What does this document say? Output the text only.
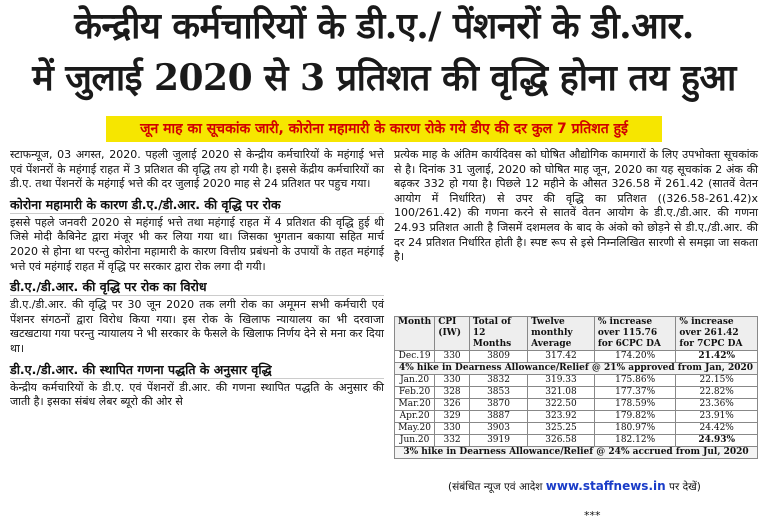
केन्द्रीय कर्मचारियों के डी.ए./ पेंशनरों के डी.आर.
में जुलाई 2020 से 3 प्रतिशत की वृद्धि होना तय हुआ
जून माह का सूचकांक जारी, कोरोना महामारी के कारण रोके गये डीए की दर कुल 7 प्रतिशत हुई

स्टाफन्यूज, 03 अगस्त, 2020. पहली जुलाई 2020 से केन्द्रीय कर्मचारियों के महंगाई भत्ते एवं पेंशनरों के महंगाई राहत में 3 प्रतिशत की वृद्धि तय हो गयी है। इससे केंद्रीय कर्मचारियों का डी.ए. तथा पेंशनरों के महंगाई भत्ते की दर जुलाई 2020 माह से 24 प्रतिशत पर पहुच गया।

कोरोना महामारी के कारण डी.ए./डी.आर. की वृद्धि पर रोक

इससे पहले जनवरी 2020 से महंगाई भत्ते तथा महंगाई राहत में 4 प्रतिशत की वृद्धि हुई थी जिसे मोदी कैबिनेट द्वारा मंजूर भी कर लिया गया था। जिसका भुगतान बकाया सहित मार्च 2020 से होना था परन्तु कोरोना महामारी के कारण वित्तीय प्रबंधनो के उपायों के तहत महंगाई भत्ते एवं महंगाई राहत में वृद्धि पर सरकार द्वारा रोक लगा दी गयी।

डी.ए./डी.आर. की वृद्धि पर रोक का विरोध

डी.ए./डी.आर. की वृद्धि पर 30 जून 2020 तक लगी रोक का अमूमन सभी कर्मचारी एवं पेंशनर संगठनों द्वारा विरोध किया गया। इस रोक के खिलाफ न्यायालय का भी दरवाजा खटखटाया गया परन्तु न्यायालय ने भी सरकार के फैसले के खिलाफ निर्णय देने से मना कर दिया था।

डी.ए./डी.आर. की स्थापित गणना पद्धति के अनुसार वृद्धि

केन्द्रीय कर्मचारियों के डी.ए. एवं पेंशनरों डी.आर. की गणना स्थापित पद्धति के अनुसार की जाती है। इसका संबंध लेबर ब्यूरो की ओर से

प्रत्येक माह के अंतिम कार्यदिवस को घोषित औद्योगिक कामगारों के लिए उपभोक्ता सूचकांक से है। दिनांक 31 जुलाई, 2020 को घोषित माह जून, 2020 का यह सूचकांक 2 अंक की बढ़कर 332 हो गया है। पिछले 12 महीने के औसत 326.58 में 261.42 (सातवें वेतन आयोग में निर्धारित) से उपर की वृद्धि का प्रतिशत ((326.58-261.42)x 100/261.42) की गणना करने से सातवें वेतन आयोग के डी.ए./डी.आर. की गणना 24.93 प्रतिशत आती है जिसमें दशमलव के बाद के अंको को छोड़ने से डी.ए./डी.आर. की दर 24 प्रतिशत निर्धारित होती है। स्पष्ट रूप से इसे निम्नलिखित सारणी से समझा जा सकता है।

Month	CPI (IW)	Total of 12 Months	Twelve monthly Average	% increase over 115.76 for 6CPC DA	% increase over 261.42 for 7CPC DA
Dec.19	330	3809	317.42	174.20%	21.42%
4% hike in Dearness Allowance/Relief @ 21% approved from Jan, 2020					
Jan.20	330	3832	319.33	175.86%	22.15%
Feb.20	328	3853	321.08	177.37%	22.82%
Mar.20	326	3870	322.50	178.59%	23.36%
Apr.20	329	3887	323.92	179.82%	23.91%
May.20	330	3903	325.25	180.97%	24.42%
Jun.20	332	3919	326.58	182.12%	24.93%
3% hike in Dearness Allowance/Relief @ 24% accrued from Jul, 2020					
(संबंधित न्यूज एवं आदेश www.staffnews.in पर देखें)
***
